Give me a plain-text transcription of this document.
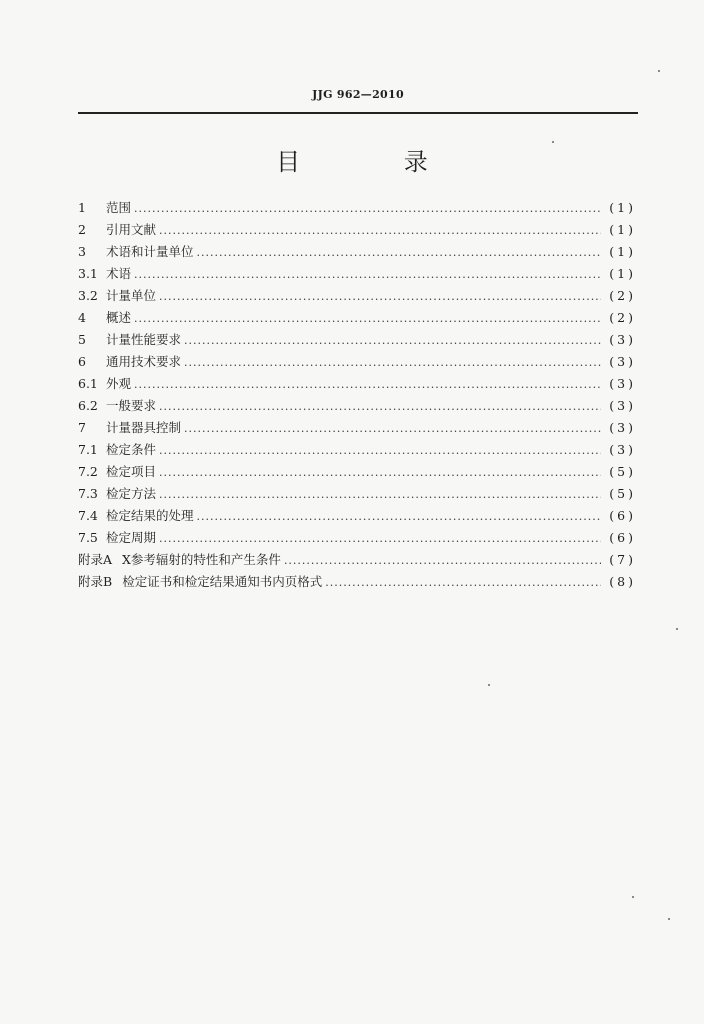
JJG 962—2010
目 录
1	范围 .....	(1)
2	引用文献 .....	(1)
3	术语和计量单位 .....	(1)
3.1 术语 .....	(1)
3.2 计量单位 .....	(2)
4	概述 .....	(2)
5	计量性能要求 .....	(3)
6	通用技术要求 .....	(3)
6.1 外观 .....	(3)
6.2 一般要求 .....	(3)
7	计量器具控制 .....	(3)
7.1 检定条件 .....	(3)
7.2 检定项目 .....	(5)
7.3 检定方法 .....	(5)
7.4 检定结果的处理 .....	(6)
7.5 检定周期 .....	(6)
附录A X参考辐射的特性和产生条件 .....	(7)
附录B 检定证书和检定结果通知书内页格式 .....	(8)
